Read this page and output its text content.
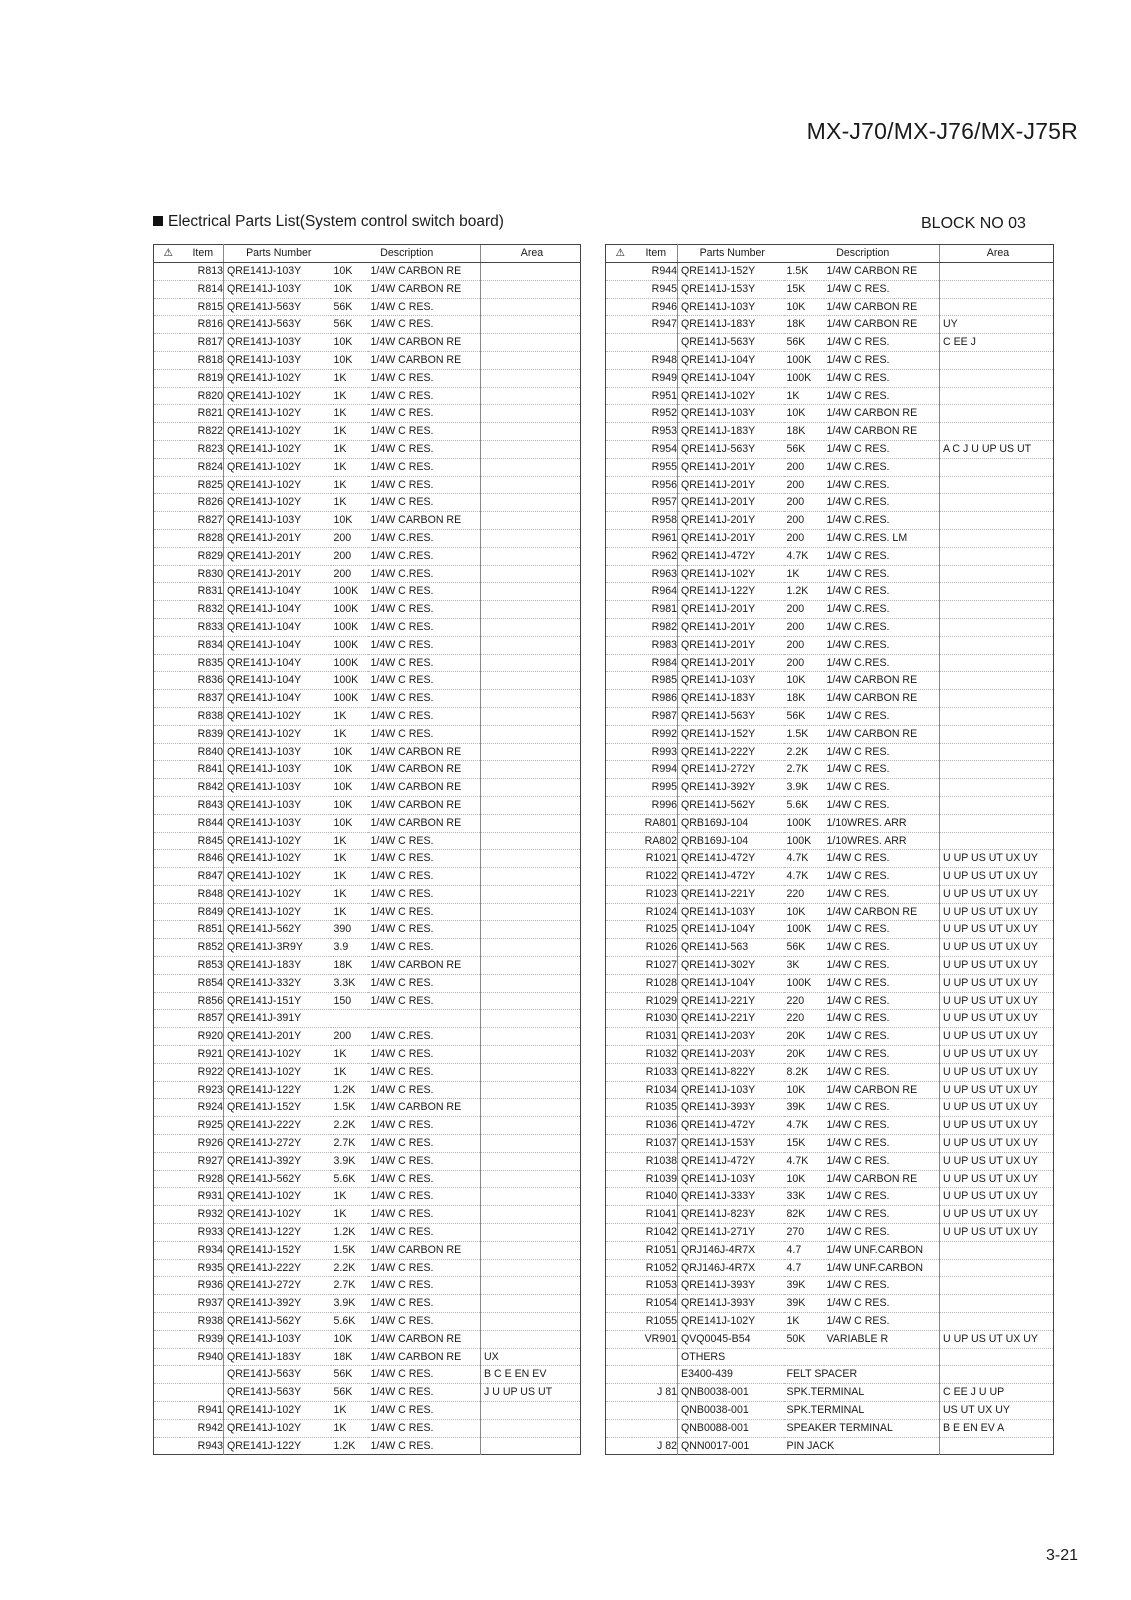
MX-J70/MX-J76/MX-J75R
Electrical Parts List(System control switch board)	BLOCK NO 03
⚠	Item	Parts Number	Description		Area
	R813	QRE141J-103Y	10K	1/4W CARBON RE	
	R814	QRE141J-103Y	10K	1/4W CARBON RE	
	R815	QRE141J-563Y	56K	1/4W C RES.	
	R816	QRE141J-563Y	56K	1/4W C RES.	
	R817	QRE141J-103Y	10K	1/4W CARBON RE	
	R818	QRE141J-103Y	10K	1/4W CARBON RE	
	R819	QRE141J-102Y	1K	1/4W C RES.	
	R820	QRE141J-102Y	1K	1/4W C RES.	
	R821	QRE141J-102Y	1K	1/4W C RES.	
	R822	QRE141J-102Y	1K	1/4W C RES.	
	R823	QRE141J-102Y	1K	1/4W C RES.	
	R824	QRE141J-102Y	1K	1/4W C RES.	
	R825	QRE141J-102Y	1K	1/4W C RES.	
	R826	QRE141J-102Y	1K	1/4W C RES.	
	R827	QRE141J-103Y	10K	1/4W CARBON RE	
	R828	QRE141J-201Y	200	1/4W C.RES.	
	R829	QRE141J-201Y	200	1/4W C.RES.	
	R830	QRE141J-201Y	200	1/4W C.RES.	
	R831	QRE141J-104Y	100K	1/4W C RES.	
	R832	QRE141J-104Y	100K	1/4W C RES.	
	R833	QRE141J-104Y	100K	1/4W C RES.	
	R834	QRE141J-104Y	100K	1/4W C RES.	
	R835	QRE141J-104Y	100K	1/4W C RES.	
	R836	QRE141J-104Y	100K	1/4W C RES.	
	R837	QRE141J-104Y	100K	1/4W C RES.	
	R838	QRE141J-102Y	1K	1/4W C RES.	
	R839	QRE141J-102Y	1K	1/4W C RES.	
	R840	QRE141J-103Y	10K	1/4W CARBON RE	
	R841	QRE141J-103Y	10K	1/4W CARBON RE	
	R842	QRE141J-103Y	10K	1/4W CARBON RE	
	R843	QRE141J-103Y	10K	1/4W CARBON RE	
	R844	QRE141J-103Y	10K	1/4W CARBON RE	
	R845	QRE141J-102Y	1K	1/4W C RES.	
	R846	QRE141J-102Y	1K	1/4W C RES.	
	R847	QRE141J-102Y	1K	1/4W C RES.	
	R848	QRE141J-102Y	1K	1/4W C RES.	
	R849	QRE141J-102Y	1K	1/4W C RES.	
	R851	QRE141J-562Y	390	1/4W C RES.	
	R852	QRE141J-3R9Y	3.9	1/4W C RES.	
	R853	QRE141J-183Y	18K	1/4W CARBON RE	
	R854	QRE141J-332Y	3.3K	1/4W C RES.	
	R856	QRE141J-151Y	150	1/4W C RES.	
	R857	QRE141J-391Y			
	R920	QRE141J-201Y	200	1/4W C.RES.	
	R921	QRE141J-102Y	1K	1/4W C RES.	
	R922	QRE141J-102Y	1K	1/4W C RES.	
	R923	QRE141J-122Y	1.2K	1/4W C RES.	
	R924	QRE141J-152Y	1.5K	1/4W CARBON RE	
	R925	QRE141J-222Y	2.2K	1/4W C RES.	
	R926	QRE141J-272Y	2.7K	1/4W C RES.	
	R927	QRE141J-392Y	3.9K	1/4W C RES.	
	R928	QRE141J-562Y	5.6K	1/4W C RES.	
	R931	QRE141J-102Y	1K	1/4W C RES.	
	R932	QRE141J-102Y	1K	1/4W C RES.	
	R933	QRE141J-122Y	1.2K	1/4W C RES.	
	R934	QRE141J-152Y	1.5K	1/4W CARBON RE	
	R935	QRE141J-222Y	2.2K	1/4W C RES.	
	R936	QRE141J-272Y	2.7K	1/4W C RES.	
	R937	QRE141J-392Y	3.9K	1/4W C RES.	
	R938	QRE141J-562Y	5.6K	1/4W C RES.	
	R939	QRE141J-103Y	10K	1/4W CARBON RE	
	R940	QRE141J-183Y	18K	1/4W CARBON RE	UX
		QRE141J-563Y	56K	1/4W C RES.	B C E EN EV
		QRE141J-563Y	56K	1/4W C RES.	J U UP US UT
	R941	QRE141J-102Y	1K	1/4W C RES.	
	R942	QRE141J-102Y	1K	1/4W C RES.	
	R943	QRE141J-122Y	1.2K	1/4W C RES.	
⚠	Item	Parts Number	Description		Area
	R944	QRE141J-152Y	1.5K	1/4W CARBON RE	
	R945	QRE141J-153Y	15K	1/4W C RES.	
	R946	QRE141J-103Y	10K	1/4W CARBON RE	
	R947	QRE141J-183Y	18K	1/4W CARBON RE	UY
		QRE141J-563Y	56K	1/4W C RES.	C EE J
	R948	QRE141J-104Y	100K	1/4W C RES.	
	R949	QRE141J-104Y	100K	1/4W C RES.	
	R951	QRE141J-102Y	1K	1/4W C RES.	
	R952	QRE141J-103Y	10K	1/4W CARBON RE	
	R953	QRE141J-183Y	18K	1/4W CARBON RE	
	R954	QRE141J-563Y	56K	1/4W C RES.	A C J U UP US UT
	R955	QRE141J-201Y	200	1/4W C.RES.	
	R956	QRE141J-201Y	200	1/4W C.RES.	
	R957	QRE141J-201Y	200	1/4W C.RES.	
	R958	QRE141J-201Y	200	1/4W C.RES.	
	R961	QRE141J-201Y	200	1/4W C.RES. LM	
	R962	QRE141J-472Y	4.7K	1/4W C RES.	
	R963	QRE141J-102Y	1K	1/4W C RES.	
	R964	QRE141J-122Y	1.2K	1/4W C RES.	
	R981	QRE141J-201Y	200	1/4W C.RES.	
	R982	QRE141J-201Y	200	1/4W C.RES.	
	R983	QRE141J-201Y	200	1/4W C.RES.	
	R984	QRE141J-201Y	200	1/4W C.RES.	
	R985	QRE141J-103Y	10K	1/4W CARBON RE	
	R986	QRE141J-183Y	18K	1/4W CARBON RE	
	R987	QRE141J-563Y	56K	1/4W C RES.	
	R992	QRE141J-152Y	1.5K	1/4W CARBON RE	
	R993	QRE141J-222Y	2.2K	1/4W C RES.	
	R994	QRE141J-272Y	2.7K	1/4W C RES.	
	R995	QRE141J-392Y	3.9K	1/4W C RES.	
	R996	QRE141J-562Y	5.6K	1/4W C RES.	
	RA801	QRB169J-104	100K	1/10WRES. ARR	
	RA802	QRB169J-104	100K	1/10WRES. ARR	
	R1021	QRE141J-472Y	4.7K	1/4W C RES.	U UP US UT UX UY
	R1022	QRE141J-472Y	4.7K	1/4W C RES.	U UP US UT UX UY
	R1023	QRE141J-221Y	220	1/4W C RES.	U UP US UT UX UY
	R1024	QRE141J-103Y	10K	1/4W CARBON RE	U UP US UT UX UY
	R1025	QRE141J-104Y	100K	1/4W C RES.	U UP US UT UX UY
	R1026	QRE141J-563	56K	1/4W C RES.	U UP US UT UX UY
	R1027	QRE141J-302Y	3K	1/4W C RES.	U UP US UT UX UY
	R1028	QRE141J-104Y	100K	1/4W C RES.	U UP US UT UX UY
	R1029	QRE141J-221Y	220	1/4W C RES.	U UP US UT UX UY
	R1030	QRE141J-221Y	220	1/4W C RES.	U UP US UT UX UY
	R1031	QRE141J-203Y	20K	1/4W C RES.	U UP US UT UX UY
	R1032	QRE141J-203Y	20K	1/4W C RES.	U UP US UT UX UY
	R1033	QRE141J-822Y	8.2K	1/4W C RES.	U UP US UT UX UY
	R1034	QRE141J-103Y	10K	1/4W CARBON RE	U UP US UT UX UY
	R1035	QRE141J-393Y	39K	1/4W C RES.	U UP US UT UX UY
	R1036	QRE141J-472Y	4.7K	1/4W C RES.	U UP US UT UX UY
	R1037	QRE141J-153Y	15K	1/4W C RES.	U UP US UT UX UY
	R1038	QRE141J-472Y	4.7K	1/4W C RES.	U UP US UT UX UY
	R1039	QRE141J-103Y	10K	1/4W CARBON RE	U UP US UT UX UY
	R1040	QRE141J-333Y	33K	1/4W C RES.	U UP US UT UX UY
	R1041	QRE141J-823Y	82K	1/4W C RES.	U UP US UT UX UY
	R1042	QRE141J-271Y	270	1/4W C RES.	U UP US UT UX UY
	R1051	QRJ146J-4R7X	4.7	1/4W UNF.CARBON	
	R1052	QRJ146J-4R7X	4.7	1/4W UNF.CARBON	
	R1053	QRE141J-393Y	39K	1/4W C RES.	
	R1054	QRE141J-393Y	39K	1/4W C RES.	
	R1055	QRE141J-102Y	1K	1/4W C RES.	
	VR901	QVQ0045-B54	50K	VARIABLE R	U UP US UT UX UY
		OTHERS			
		E3400-439	FELT SPACER		
	J 81	QNB0038-001	SPK.TERMINAL		C EE J U UP
		QNB0038-001	SPK.TERMINAL		US UT UX UY
		QNB0088-001	SPEAKER TERMINAL		B E EN EV A
	J 82	QNN0017-001	PIN JACK		
3-21
